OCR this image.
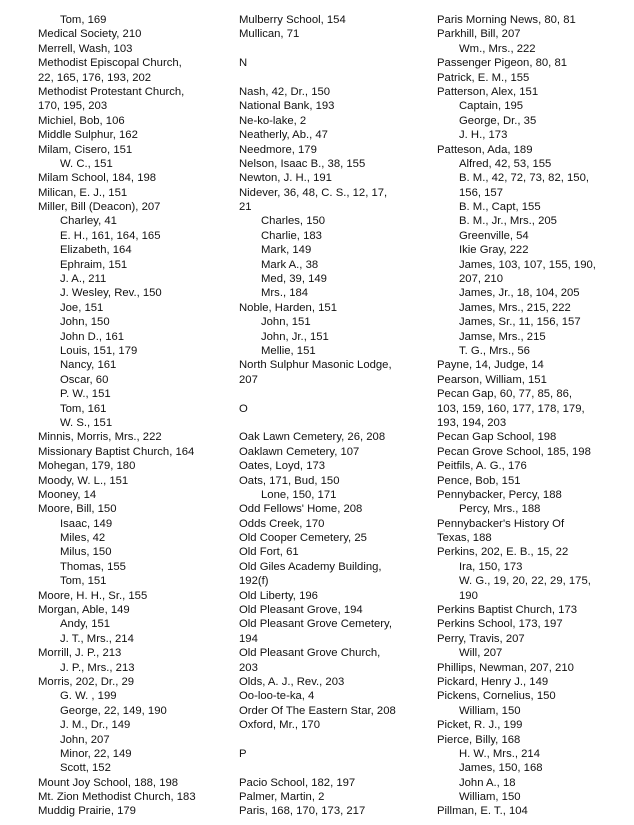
Tom, 169
Medical Society, 210
Merrell, Wash, 103
Methodist Episcopal Church,
22, 165, 176, 193, 202
Methodist Protestant Church,
170, 195, 203
Michiel, Bob, 106
Middle Sulphur, 162
Milam, Cisero, 151
W. C., 151
Milam School, 184, 198
Milican, E. J., 151
Miller, Bill (Deacon), 207
Charley, 41
E. H., 161, 164, 165
Elizabeth, 164
Ephraim, 151
J. A., 211
J. Wesley, Rev., 150
Joe, 151
John, 150
John D., 161
Louis, 151, 179
Nancy, 161
Oscar, 60
P. W., 151
Tom, 161
W. S., 151
Minnis, Morris, Mrs., 222
Missionary Baptist Church, 164
Mohegan, 179, 180
Moody, W. L., 151
Mooney, 14
Moore, Bill, 150
Isaac, 149
Miles, 42
Milus, 150
Thomas, 155
Tom, 151
Moore, H. H., Sr., 155
Morgan, Able, 149
Andy, 151
J. T., Mrs., 214
Morrill, J. P., 213
J. P., Mrs., 213
Morris, 202, Dr., 29
G. W. , 199
George, 22, 149, 190
J. M., Dr., 149
John, 207
Minor, 22, 149
Scott, 152
Mount Joy School, 188, 198
Mt. Zion Methodist Church, 183
Muddig Prairie, 179
Mulberry School, 154
Mullican, 71
N
Nash, 42, Dr., 150
National Bank, 193
Ne-ko-lake, 2
Neatherly, Ab., 47
Needmore, 179
Nelson, Isaac B., 38, 155
Newton, J. H., 191
Nidever, 36, 48, C. S., 12, 17,
21
Charles, 150
Charlie, 183
Mark, 149
Mark A., 38
Med, 39, 149
Mrs., 184
Noble, Harden, 151
John, 151
John, Jr., 151
Mellie, 151
North Sulphur Masonic Lodge,
207
O
Oak Lawn Cemetery, 26, 208
Oaklawn Cemetery, 107
Oates, Loyd, 173
Oats, 171, Bud, 150
Lone, 150, 171
Odd Fellows' Home, 208
Odds Creek, 170
Old Cooper Cemetery, 25
Old Fort, 61
Old Giles Academy Building,
192(f)
Old Liberty, 196
Old Pleasant Grove, 194
Old Pleasant Grove Cemetery,
194
Old Pleasant Grove Church,
203
Olds, A. J., Rev., 203
Oo-loo-te-ka, 4
Order Of The Eastern Star, 208
Oxford, Mr., 170
P
Pacio School, 182, 197
Palmer, Martin, 2
Paris, 168, 170, 173, 217
Paris Morning News, 80, 81
Parkhill, Bill, 207
Wm., Mrs., 222
Passenger Pigeon, 80, 81
Patrick, E. M., 155
Patterson, Alex, 151
Captain, 195
George, Dr., 35
J. H., 173
Patteson, Ada, 189
Alfred, 42, 53, 155
B. M., 42, 72, 73, 82, 150,
156, 157
B. M., Capt, 155
B. M., Jr., Mrs., 205
Greenville, 54
Ikie Gray, 222
James, 103, 107, 155, 190,
207, 210
James, Jr., 18, 104, 205
James, Mrs., 215, 222
James, Sr., 11, 156, 157
Jamse, Mrs., 215
T. G., Mrs., 56
Payne, 14, Judge, 14
Pearson, William, 151
Pecan Gap, 60, 77, 85, 86,
103, 159, 160, 177, 178, 179,
193, 194, 203
Pecan Gap School, 198
Pecan Grove School, 185, 198
Peitfils, A. G., 176
Pence, Bob, 151
Pennybacker, Percy, 188
Percy, Mrs., 188
Pennybacker's History Of
Texas, 188
Perkins, 202, E. B., 15, 22
Ira, 150, 173
W. G., 19, 20, 22, 29, 175,
190
Perkins Baptist Church, 173
Perkins School, 173, 197
Perry, Travis, 207
Will, 207
Phillips, Newman, 207, 210
Pickard, Henry J., 149
Pickens, Cornelius, 150
William, 150
Picket, R. J., 199
Pierce, Billy, 168
H. W., Mrs., 214
James, 150, 168
John A., 18
William, 150
Pillman, E. T., 104
